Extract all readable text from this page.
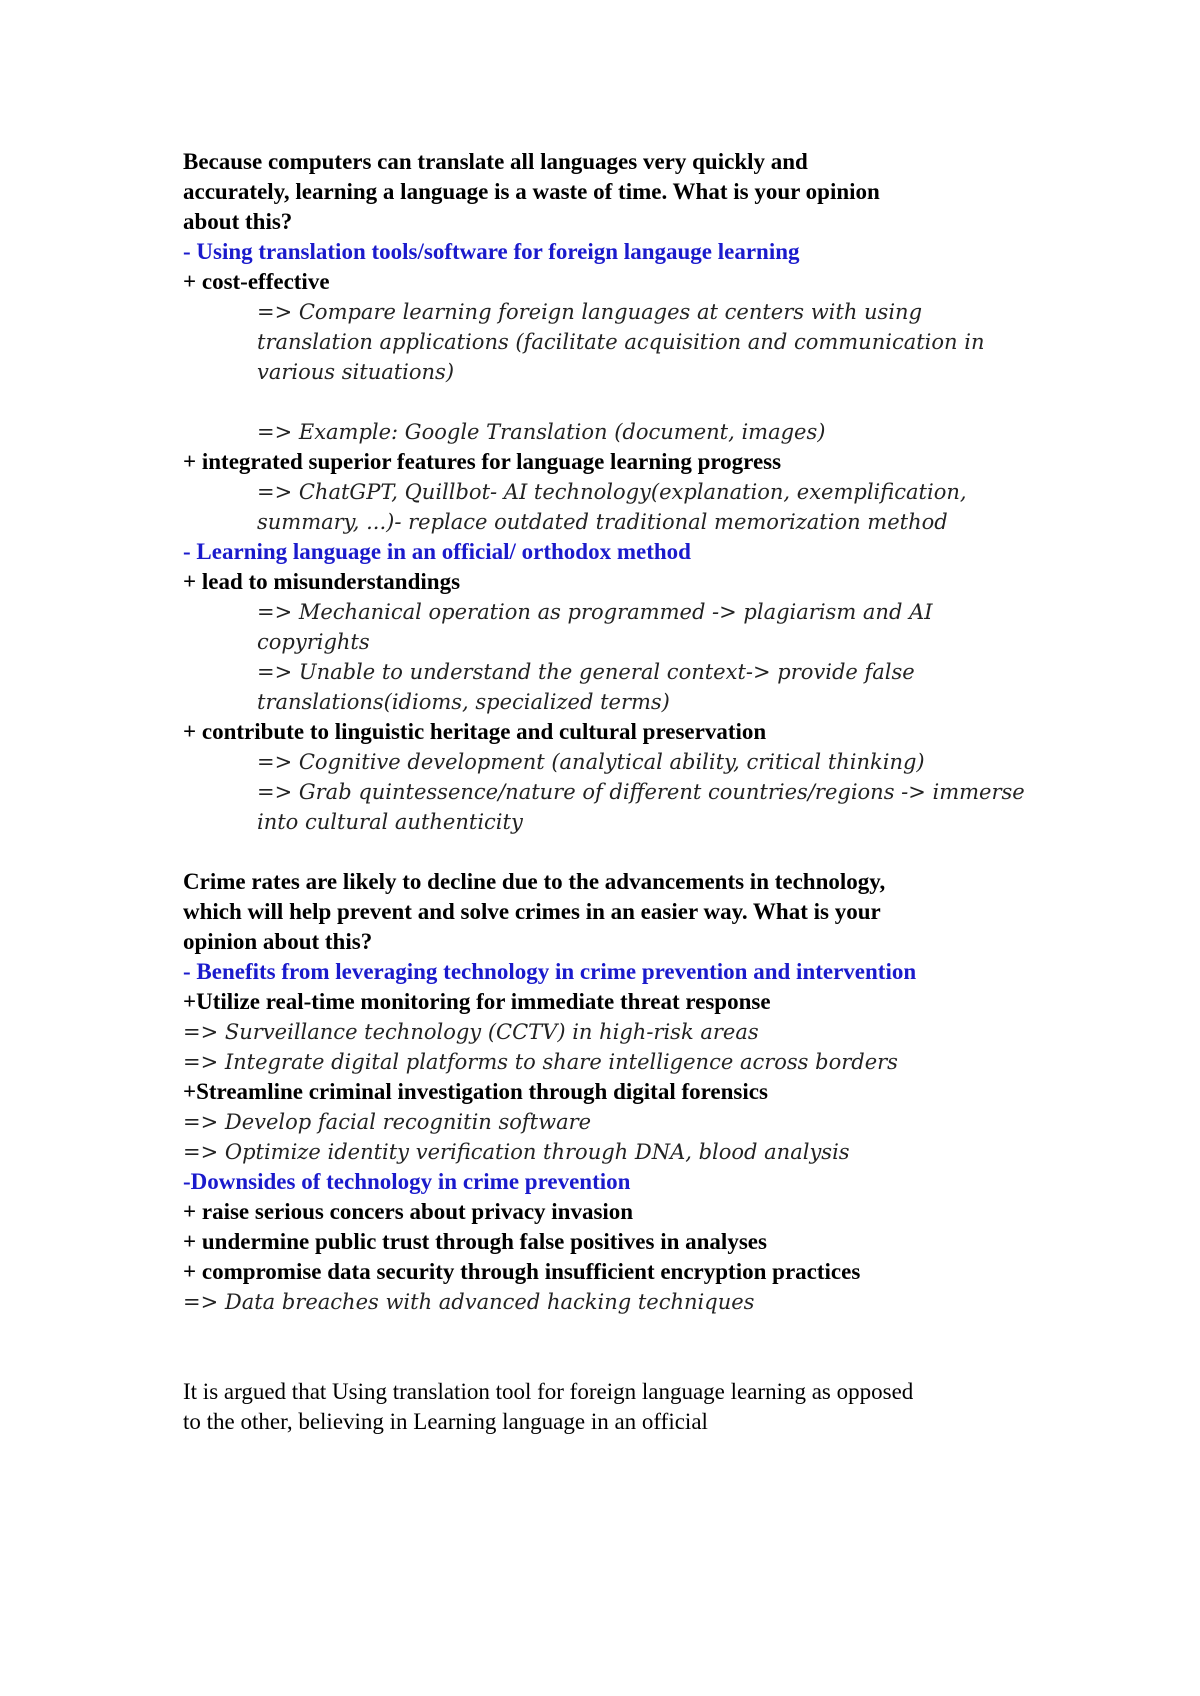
Because computers can translate all languages very quickly and

accurately, learning a language is a waste of time. What is your opinion

about this?

- Using translation tools/software for foreign langauge learning

+ cost-effective

=> Compare learning foreign languages at centers with using

translation applications (facilitate acquisition and communication in

various situations)

=> Example: Google Translation (document, images)

+ integrated superior features for language learning progress

=> ChatGPT, Quillbot- AI technology(explanation, exemplification,

summary, ...)- replace outdated traditional memorization method

- Learning language in an official/ orthodox method

+ lead to misunderstandings

=> Mechanical operation as programmed -> plagiarism and AI

copyrights

=> Unable to understand the general context-> provide false

translations(idioms, specialized terms)

+ contribute to linguistic heritage and cultural preservation

=> Cognitive development (analytical ability, critical thinking)

=> Grab quintessence/nature of different countries/regions -> immerse

into cultural authenticity

Crime rates are likely to decline due to the advancements in technology,

which will help prevent and solve crimes in an easier way. What is your

opinion about this?

- Benefits from leveraging technology in crime prevention and intervention

+Utilize real-time monitoring for immediate threat response

=> Surveillance technology (CCTV) in high-risk areas

=> Integrate digital platforms to share intelligence across borders

+Streamline criminal investigation through digital forensics

=> Develop facial recognitin software

=> Optimize identity verification through DNA, blood analysis

-Downsides of technology in crime prevention

+ raise serious concers about privacy invasion

+ undermine public trust through false positives in analyses

+ compromise data security through insufficient encryption practices

=> Data breaches with advanced hacking techniques

It is argued that Using translation tool for foreign language learning as opposed

to the other, believing in Learning language in an official
